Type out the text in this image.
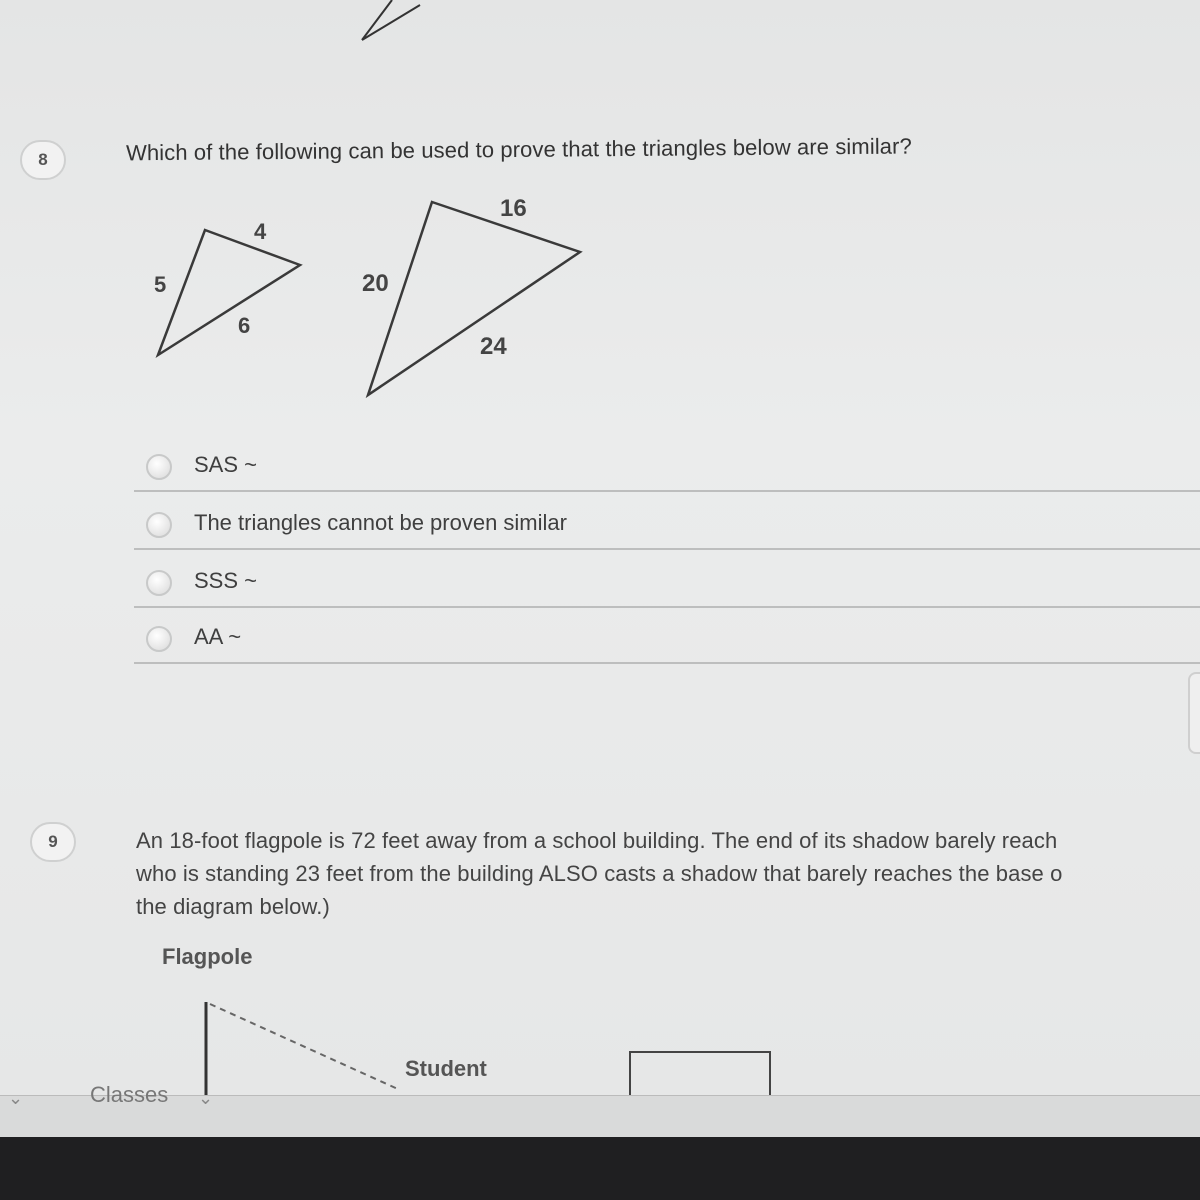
8	Which of the following can be used to prove that the triangles below are similar?
4
5
6
16
20
24
SAS ~
The triangles cannot be proven similar
SSS ~
AA ~
9	An 18-foot flagpole is 72 feet away from a school building. The end of its shadow barely reach
who is standing 23 feet from the building ALSO casts a shadow that barely reaches the base o
the diagram below.)
Flagpole
Student
⌄	Classes ⌄
